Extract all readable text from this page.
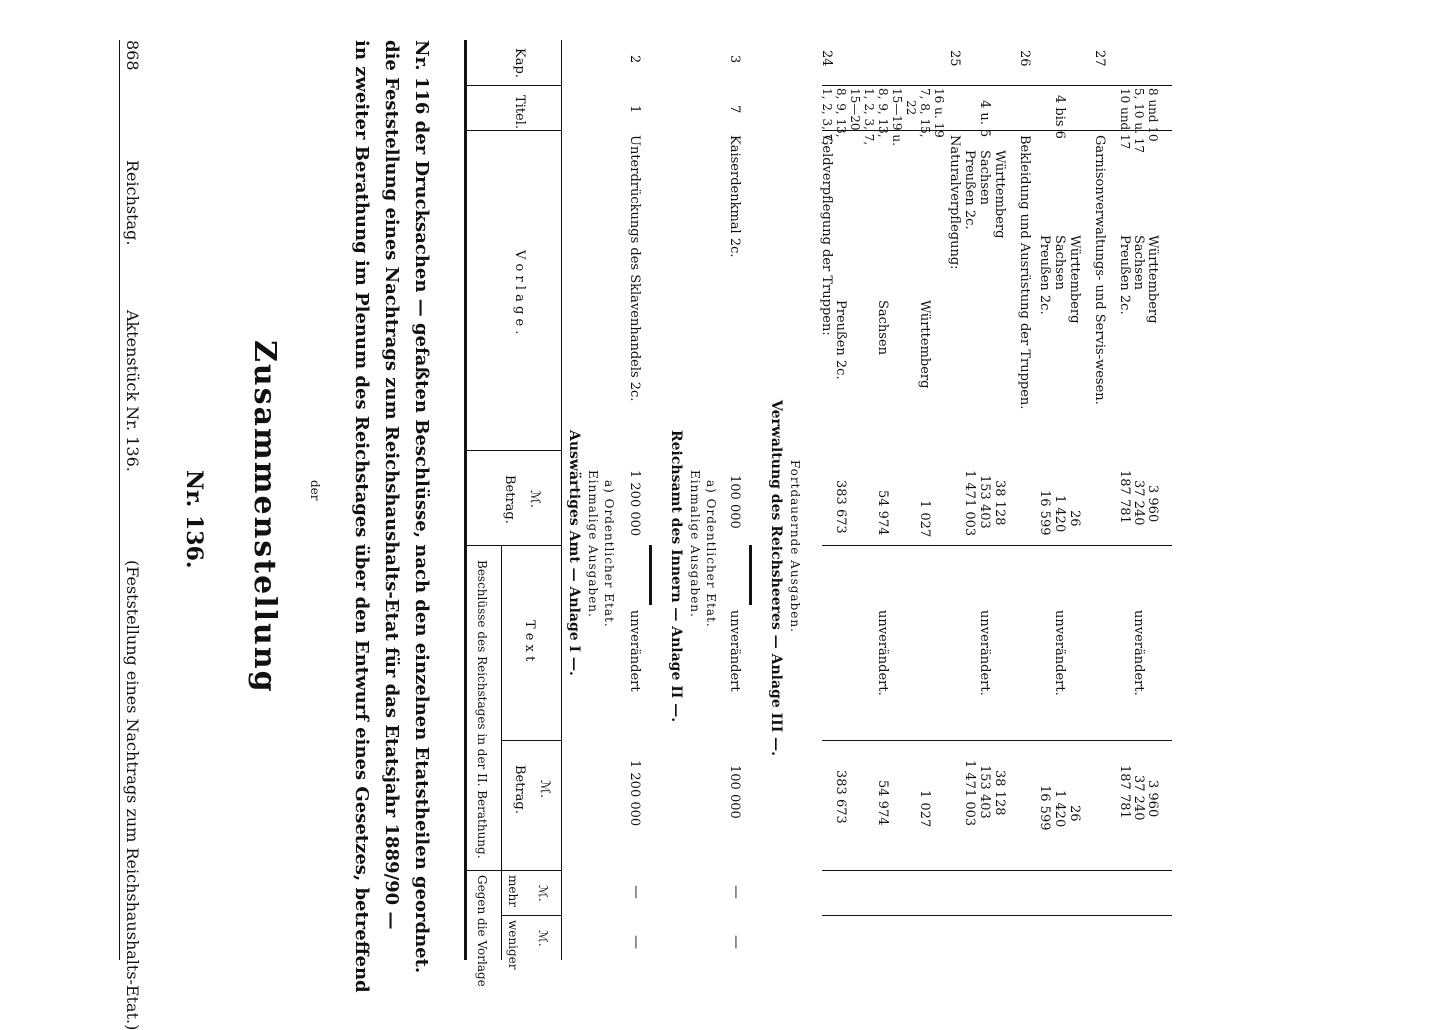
868
Reichstag.
Aktenstück Nr. 136.
(Feststellung eines Nachtrags zum Reichshaushalts-Etat.)
Nr. 136. Zusammenstellung der in zweiter Berathung im Plenum des Reichstages über den Entwurf eines Gesetzes, betreffend die Feststellung eines Nachtrags zum Reichshaushalts-Etat für das Etatsjahr 1889/90 — Nr. 116 der Drucksachen — gefaßten Beschlüsse, nach den einzelnen Etatstheilen geordnet.	Kap.
Titel.
V o r l a g e .
Betrag. ℳ.
Beschlüsse des Reichstages in der II. Berathung.	T e x t
Betrag. ℳ.
Gegen die Vorlage mehr
weniger
ℳ.
ℳ.
Auswärtiges Amt — Anlage I —. Einmalige Ausgaben. a) Ordentlicher Etat.
2
1
Unterdrückungs des Sklavenhandels 2c.
1 200 000
unverändert
1 200 000
—
—
Reichsamt des Innern — Anlage II —. Einmalige Ausgaben. a) Ordentlicher Etat.
3
7
Kaiserdenkmal 2c.
100 000
unverändert
100 000
—
—
Verwaltung des Reichsheeres — Anlage III —. Fortdauernde Ausgaben.
24
1, 2, 3, 7, 8, 9, 13, 15—20 1, 2, 3, 7, 8, 9, 13, 15—19 u. 22 7, 8, 15, 16 u. 19
Geldverpflegung der Truppen:
Preußen 2c. Sachsen Württemberg
383 673 54 974 1 027
unverändert.
383 673 54 974 1 027
25
4 u. 5
Naturalverpflegung: Preußen 2c. Sachsen Württemberg
1 471 003 153 403 38 128
unverändert.
1 471 003 153 403 38 128
26
4 bis 6
Bekleidung und Ausrüstung der Truppen. Preußen 2c. Sachsen Württemberg
16 599 1 420 26
unverändert.
16 599 1 420 26
27
10 und 17 5, 10 u. 17 8 und 10
Garnisonverwaltungs- und Servis-wesen. Preußen 2c. Sachsen Württemberg
187 781 37 240 3 960
unverändert.
187 781 37 240 3 960
